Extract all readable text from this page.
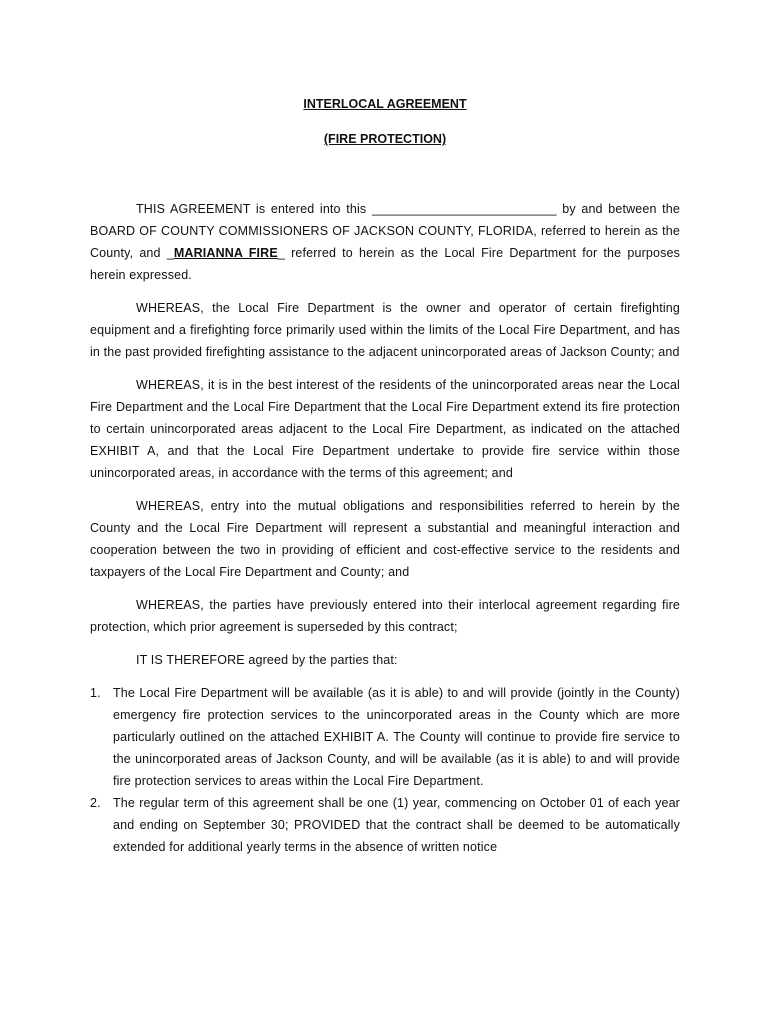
INTERLOCAL AGREEMENT
(FIRE PROTECTION)

THIS AGREEMENT is entered into this __________________________ by and between the BOARD OF COUNTY COMMISSIONERS OF JACKSON COUNTY, FLORIDA, referred to herein as the County, and _MARIANNA FIRE_ referred to herein as the Local Fire Department for the purposes herein expressed.

WHEREAS, the Local Fire Department is the owner and operator of certain firefighting equipment and a firefighting force primarily used within the limits of the Local Fire Department, and has in the past provided firefighting assistance to the adjacent unincorporated areas of Jackson County; and

WHEREAS, it is in the best interest of the residents of the unincorporated areas near the Local Fire Department and the Local Fire Department that the Local Fire Department extend its fire protection to certain unincorporated areas adjacent to the Local Fire Department, as indicated on the attached EXHIBIT A, and that the Local Fire Department undertake to provide fire service within those unincorporated areas, in accordance with the terms of this agreement; and

WHEREAS, entry into the mutual obligations and responsibilities referred to herein by the County and the Local Fire Department will represent a substantial and meaningful interaction and cooperation between the two in providing of efficient and cost-effective service to the residents and taxpayers of the Local Fire Department and County; and

WHEREAS, the parties have previously entered into their interlocal agreement regarding fire protection, which prior agreement is superseded by this contract;

IT IS THEREFORE agreed by the parties that:

1. The Local Fire Department will be available (as it is able) to and will provide (jointly in the County) emergency fire protection services to the unincorporated areas in the County which are more particularly outlined on the attached EXHIBIT A. The County will continue to provide fire service to the unincorporated areas of Jackson County, and will be available (as it is able) to and will provide fire protection services to areas within the Local Fire Department.
2. The regular term of this agreement shall be one (1) year, commencing on October 01 of each year and ending on September 30; PROVIDED that the contract shall be deemed to be automatically extended for additional yearly terms in the absence of written notice
